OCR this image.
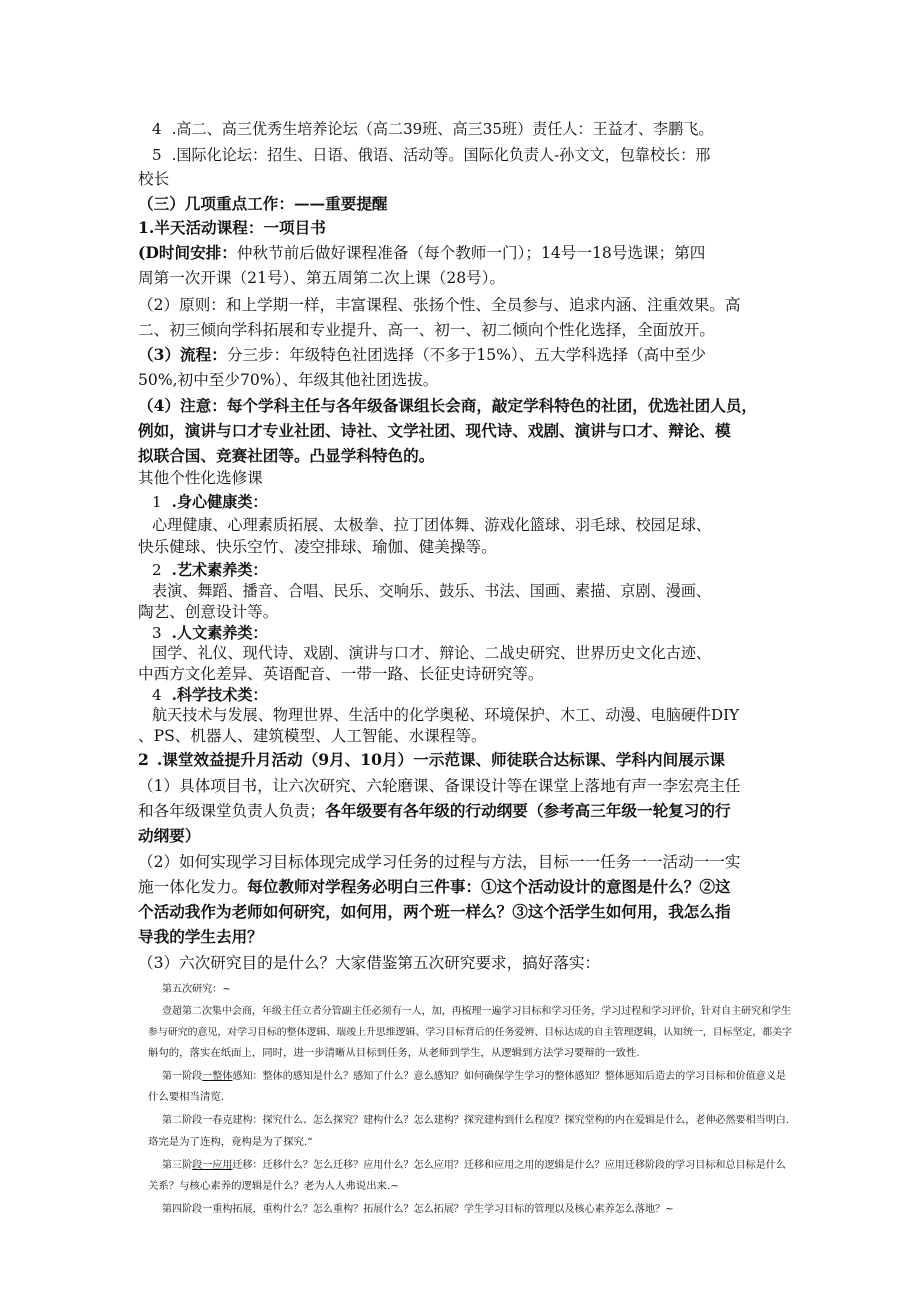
4 .高二、高三优秀生培养论坛（高二39班、高三35班）责任人：王益才、李鹏飞。
5 .国际化论坛：招生、日语、俄语、活动等。国际化负责人-孙文文，包靠校长：邢
校长
（三）几项重点工作：——重要提醒
1.半天活动课程：一项目书
(D时间安排：仲秋节前后做好课程准备（每个教师一门）；14号一18号选课；第四
周第一次开课（21号）、第五周第二次上课（28号）。
（2）原则：和上学期一样，丰富课程、张扬个性、全员参与、追求内涵、注重效果。高
二、初三倾向学科拓展和专业提升、高一、初一、初二倾向个性化选择，全面放开。
（3）流程：分三步：年级特色社团选择（不多于15%）、五大学科选择（高中至少
50%,初中至少70%）、年级其他社团选拔。
（4）注意：每个学科主任与各年级备课组长会商，敲定学科特色的社团，优选社团人员，
例如，演讲与口才专业社团、诗社、文学社团、现代诗、戏剧、演讲与口才、辩论、模
拟联合国、竞赛社团等。凸显学科特色的。
其他个性化选修课
1 .身心健康类：
心理健康、心理素质拓展、太极拳、拉丁团体舞、游戏化篮球、羽毛球、校园足球、
快乐健球、快乐空竹、凌空排球、瑜伽、健美操等。
2 .艺术素养类：
表演、舞蹈、播音、合唱、民乐、交响乐、鼓乐、书法、国画、素描、京剧、漫画、
陶艺、创意设计等。
3 .人文素养类：
国学、礼仪、现代诗、戏剧、演讲与口才、辩论、二战史研究、世界历史文化古迹、
中西方文化差异、英语配音、一带一路、长征史诗研究等。
4 .科学技术类：
航天技术与发展、物理世界、生活中的化学奥秘、环境保护、木工、动漫、电脑硬件DIY
、PS、机器人、建筑模型、人工智能、水课程等。
2 .课堂效益提升月活动（9月、10月）一示范课、师徒联合达标课、学科内间展示课
（1）具体项目书，让六次研究、六轮磨课、备课设计等在课堂上落地有声一李宏亮主任
和各年级课堂负责人负责；各年级要有各年级的行动纲要（参考高三年级一轮复习的行
动纲要）
（2）如何实现学习目标体现完成学习任务的过程与方法，目标一一任务一一活动一一实
施一体化发力。每位教师对学程务必明白三件事：①这个活动设计的意图是什么？②这
个活动我作为老师如何研究，如何用，两个班一样么？③这个活学生如何用，我怎么指
导我的学生去用？
（3）六次研究目的是什么？大家借鉴第五次研究要求，搞好落实：
第五次研究：~
壹超第二次集中会商，年级主任立者分管副主任必须有一人，加，再梳理一遍学习目标和学习任务，学习过程和学习评价，针对自主研究和学生
参与研究的意见，对学习目标的整体逻辑、瑞竣上升思维逻辑、学习目标背后的任务爱辨、目标达成的自主管理逻辑，认知统一，目标坚定，都美字
斛句的，落实在纸面上，同时，进一步清晰从目标到任务，从老师到学生，从逻辑到方法学习要辩的一致性.
第一阶段一整体感知：整体的感知是什么？感知了什么？意么感知？如何确保学生学习的整体感知？整体愿知后造去的学习目标和价值意义是
什么要相当清览.
第二阶段一春克建构：探究什么、怎么探究？建构什么？怎么建构？探究建构到什么程度？探究堂构的内在爱辑是什么，老伸必然要相当明白.
珞完是为了连构，竟构是为了探究.“
第三阶段一应用迁移：迁移什么？怎么迁移？应用什么？怎么应用？迁移和应用之用的逻辑是什么？应用迁移阶段的学习目标和总目标是什么
关系？与核心素养的逻辑是什么？老为人人弗说出来.~
第四阶段一重构拓展，重构什么？怎么重构？拓展什么？怎么拓展？学生学习目标的管理以及核心素养怎么落地？~
